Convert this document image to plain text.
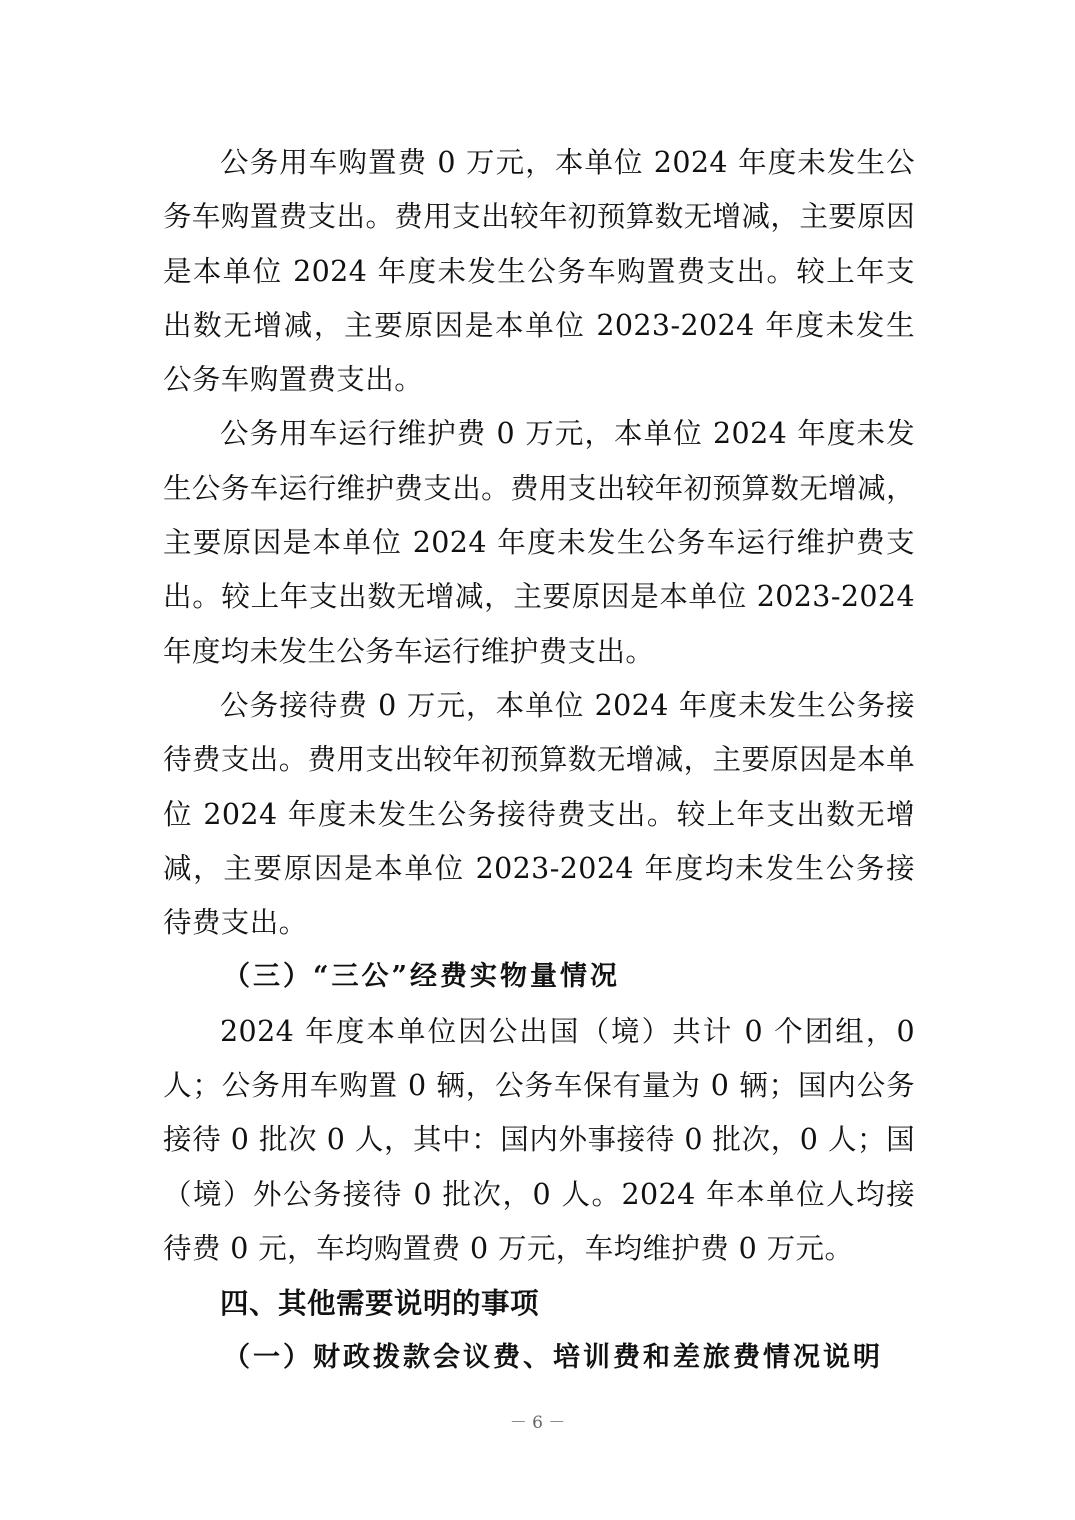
公务用车购置费 0 万元，本单位 2024 年度未发生公务车购置费支出。费用支出较年初预算数无增减，主要原因是本单位 2024 年度未发生公务车购置费支出。较上年支出数无增减，主要原因是本单位 2023-2024 年度未发生公务车购置费支出。

公务用车运行维护费 0 万元，本单位 2024 年度未发生公务车运行维护费支出。费用支出较年初预算数无增减，主要原因是本单位 2024 年度未发生公务车运行维护费支出。较上年支出数无增减，主要原因是本单位 2023-2024 年度均未发生公务车运行维护费支出。

公务接待费 0 万元，本单位 2024 年度未发生公务接待费支出。费用支出较年初预算数无增减，主要原因是本单位 2024 年度未发生公务接待费支出。较上年支出数无增减，主要原因是本单位 2023-2024 年度均未发生公务接待费支出。

（三）“三公”经费实物量情况

2024 年度本单位因公出国（境）共计 0 个团组，0 人；公务用车购置 0 辆，公务车保有量为 0 辆；国内公务接待 0 批次 0 人，其中：国内外事接待 0 批次，0 人；国（境）外公务接待 0 批次，0 人。2024 年本单位人均接待费 0 元，车均购置费 0 万元，车均维护费 0 万元。

四、其他需要说明的事项

（一）财政拨款会议费、培训费和差旅费情况说明

－ 6 －
